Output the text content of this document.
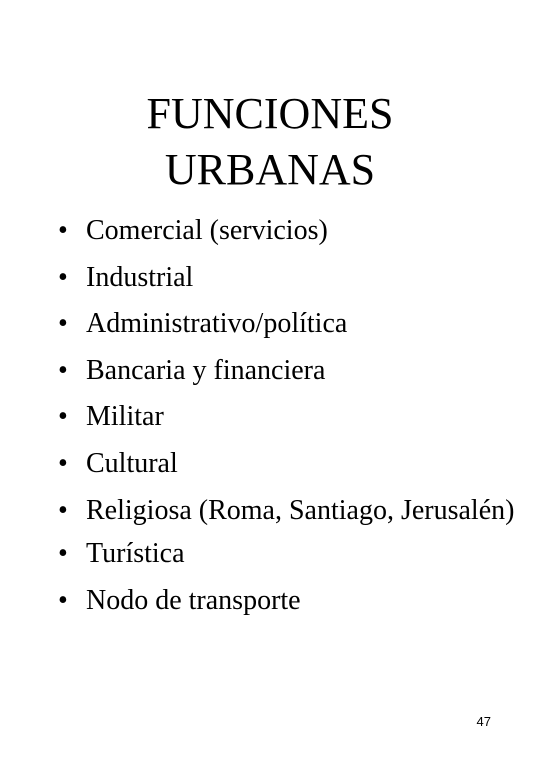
FUNCIONES
URBANAS
• Comercial (servicios)
• Industrial
• Administrativo/política
• Bancaria y financiera
• Militar
• Cultural
• Religiosa (Roma, Santiago, Jerusalén)
• Turística
• Nodo de transporte
47
